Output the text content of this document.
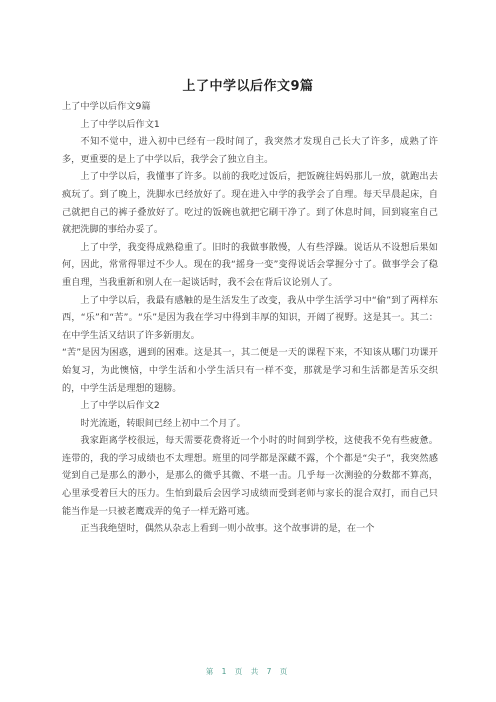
上了中学以后作文9篇

上了中学以后作文9篇

上了中学以后作文1

不知不觉中，进入初中已经有一段时间了，我突然才发现自己长大了许多，成熟了许多，更重要的是上了中学以后，我学会了独立自主。

上了中学以后，我懂事了许多。以前的我吃过饭后，把饭碗往妈妈那儿一放，就跑出去疯玩了。到了晚上，洗脚水已经放好了。现在进入中学的我学会了自理。每天早晨起床，自己就把自己的裤子叠放好了。吃过的饭碗也就把它刷干净了。到了休息时间，回到寝室自己就把洗脚的事给办妥了。

上了中学，我变得成熟稳重了。旧时的我做事散慢，人有些浮躁。说话从不设想后果如何，因此，常常得罪过不少人。现在的我“摇身一变”变得说话会掌握分寸了。做事学会了稳重自理，当我重新和别人在一起谈话时，我不会在背后议论别人了。

上了中学以后，我最有感触的是生活发生了改变，我从中学生活学习中“偷”到了两样东西，“乐”和“苦”。“乐”是因为我在学习中得到丰厚的知识，开阔了视野。这是其一。其二：在中学生活又结识了许多新朋友。

“苦”是因为困惑，遇到的困难。这是其一，其二便是一天的课程下来，不知该从哪门功课开始复习，为此懊恼，中学生活和小学生活只有一样不变，那就是学习和生活都是苦乐交织的，中学生活是理想的翅膀。

上了中学以后作文2

时光流逝，转眼间已经上初中二个月了。

我家距离学校很远，每天需要花费将近一个小时的时间到学校，这使我不免有些疲惫。连带的，我的学习成绩也不太理想。班里的同学都是深藏不露，个个都是“尖子”，我突然感觉到自己是那么的渺小，是那么的微乎其微、不堪一击。几乎每一次测验的分数都不算高，心里承受着巨大的压力。生怕到最后会因学习成绩而受到老师与家长的混合双打，而自己只能当作是一只被老鹰戏弄的兔子一样无路可逃。

正当我绝望时，偶然从杂志上看到一则小故事。这个故事讲的是，在一个

第 1 页 共 7 页
